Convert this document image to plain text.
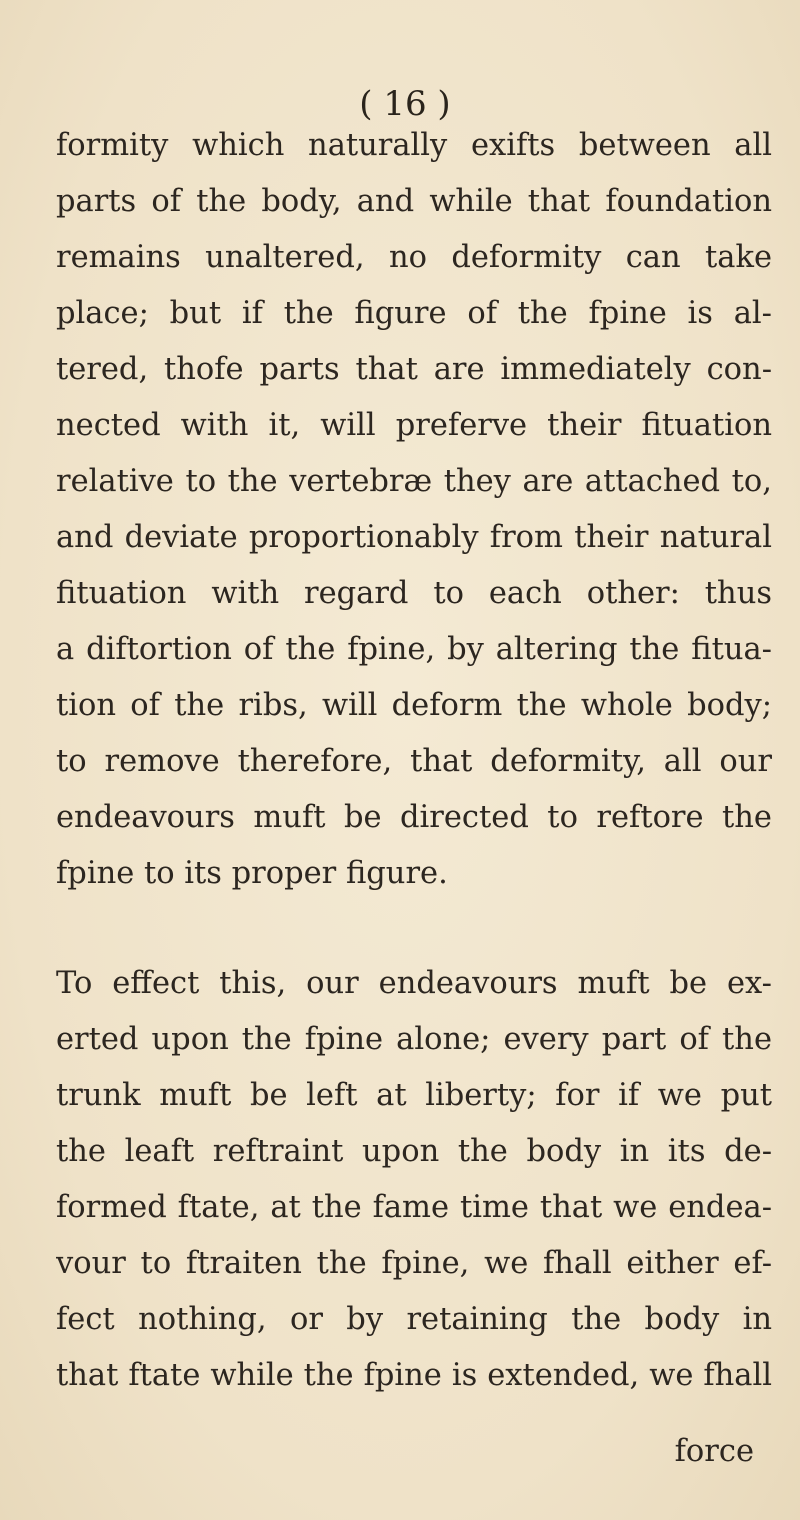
( 16 )
formity which naturally exifts between all
parts of the body, and while that foundation
remains unaltered, no deformity can take
place; but if the figure of the fpine is al-
tered, thofe parts that are immediately con-
nected with it, will preferve their fituation
relative to the vertebræ they are attached to,
and deviate proportionably from their natural
fituation with regard to each other: thus
a diftortion of the fpine, by altering the fitua-
tion of the ribs, will deform the whole body;
to remove therefore, that deformity, all our
endeavours muft be directed to reftore the
fpine to its proper figure.
To effect this, our endeavours muft be ex-
erted upon the fpine alone; every part of the
trunk muft be left at liberty; for if we put
the leaft reftraint upon the body in its de-
formed ftate, at the fame time that we endea-
vour to ftraiten the fpine, we fhall either ef-
fect nothing, or by retaining the body in
that ftate while the fpine is extended, we fhall
force
